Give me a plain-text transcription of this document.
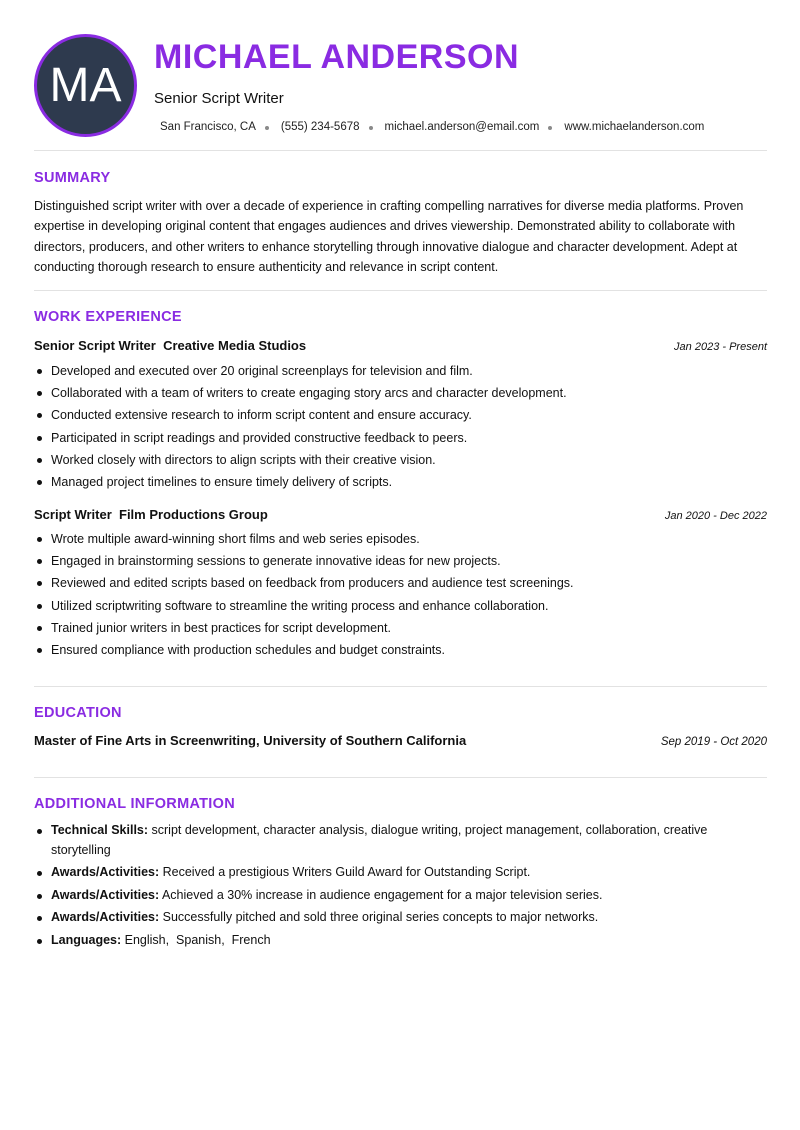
MA
MICHAEL ANDERSON
Senior Script Writer
San Francisco, CA (555) 234-5678 michael.anderson@email.com www.michaelanderson.com
SUMMARY
Distinguished script writer with over a decade of experience in crafting compelling narratives for diverse media platforms. Proven expertise in developing original content that engages audiences and drives viewership. Demonstrated ability to collaborate with directors, producers, and other writers to enhance storytelling through innovative dialogue and character development. Adept at conducting thorough research to ensure authenticity and relevance in script content.
WORK EXPERIENCE
Senior Script Writer  Creative Media Studios	Jan 2023 - Present
Developed and executed over 20 original screenplays for television and film.
Collaborated with a team of writers to create engaging story arcs and character development.
Conducted extensive research to inform script content and ensure accuracy.
Participated in script readings and provided constructive feedback to peers.
Worked closely with directors to align scripts with their creative vision.
Managed project timelines to ensure timely delivery of scripts.
Script Writer  Film Productions Group	Jan 2020 - Dec 2022
Wrote multiple award-winning short films and web series episodes.
Engaged in brainstorming sessions to generate innovative ideas for new projects.
Reviewed and edited scripts based on feedback from producers and audience test screenings.
Utilized scriptwriting software to streamline the writing process and enhance collaboration.
Trained junior writers in best practices for script development.
Ensured compliance with production schedules and budget constraints.
EDUCATION
Master of Fine Arts in Screenwriting, University of Southern California	Sep 2019 - Oct 2020
ADDITIONAL INFORMATION
Technical Skills: script development, character analysis, dialogue writing, project management, collaboration, creative storytelling
Awards/Activities: Received a prestigious Writers Guild Award for Outstanding Script.
Awards/Activities: Achieved a 30% increase in audience engagement for a major television series.
Awards/Activities: Successfully pitched and sold three original series concepts to major networks.
Languages: English,  Spanish,  French
